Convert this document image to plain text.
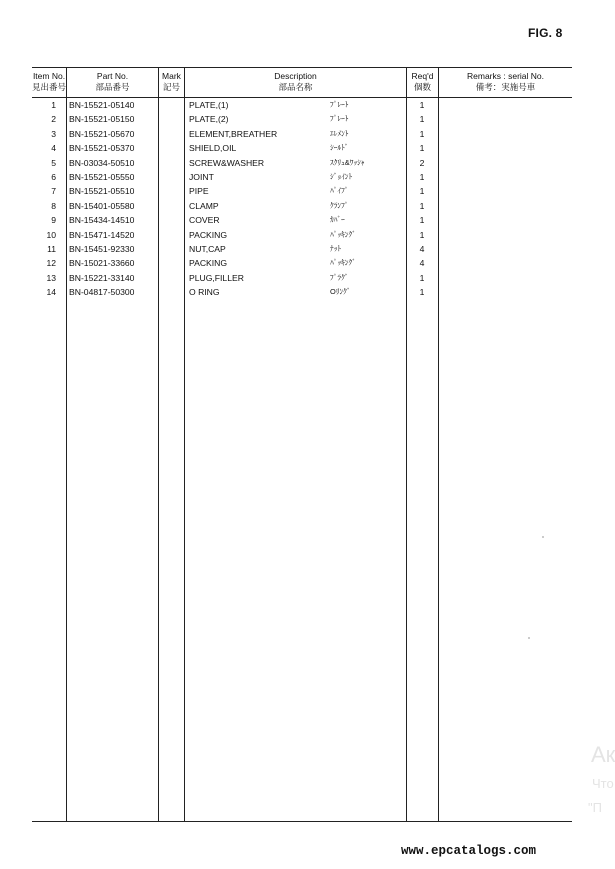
FIG. 8
Item No.
見出番号
Part No.
部品番号
Mark
記号
Description
部品名称
Req'd
個数
Remarks : serial No.
備考：実施号車
1 BN-15521-05140	PLATE,(1)	ﾌﾟﾚｰﾄ	1
2 BN-15521-05150	PLATE,(2)	ﾌﾟﾚｰﾄ	1
3 BN-15521-05670	ELEMENT,BREATHER	ｴﾚﾒﾝﾄ	1
4 BN-15521-05370	SHIELD,OIL	ｼｰﾙﾄﾞ	1
5 BN-03034-50510	SCREW&WASHER	ｽｸﾘｭ&ﾜｯｼｬ	2
6 BN-15521-05550	JOINT	ｼﾞｮｲﾝﾄ	1
7 BN-15521-05510	PIPE	ﾊﾟｲﾌﾟ	1
8 BN-15401-05580	CLAMP	ｸﾗﾝﾌﾟ	1
9 BN-15434-14510	COVER	ｶﾊﾞｰ	1
10 BN-15471-14520	PACKING	ﾊﾟｯｷﾝｸﾞ	1
11 BN-15451-92330	NUT,CAP	ﾅｯﾄ	4
12 BN-15021-33660	PACKING	ﾊﾟｯｷﾝｸﾞ	4
13 BN-15221-33140	PLUG,FILLER	ﾌﾟﾗｸﾞ	1
14 BN-04817-50300	O RING	Oﾘﾝｸﾞ	1
Ак
Что
"П
www.epcatalogs.com
